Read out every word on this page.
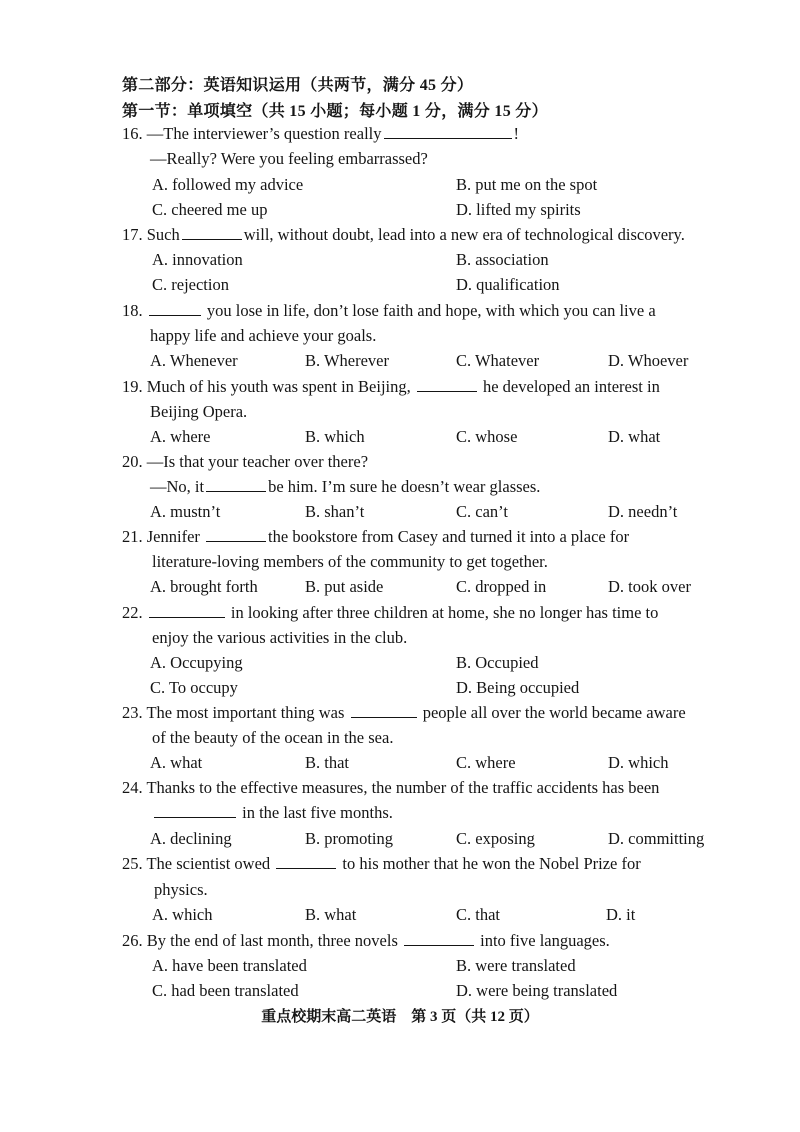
第二部分：英语知识运用（共两节，满分 45 分）
第一节：单项填空（共 15 小题；每小题 1 分，满分 15 分）
16. —The interviewer’s question really	!
—Really? Were you feeling embarrassed?
A. followed my advice	B. put me on the spot
C. cheered me up	D. lifted my spirits
17. Such	will, without doubt, lead into a new era of technological discovery.
A. innovation	B. association
C. rejection	D. qualification
18.	you lose in life, don’t lose faith and hope, with which you can live a
happy life and achieve your goals.
A. Whenever	B. Wherever	C. Whatever	D. Whoever
19. Much of his youth was spent in Beijing,	he developed an interest in
Beijing Opera.
A. where	B. which	C. whose	D. what
20. —Is that your teacher over there?
—No, it	be him. I’m sure he doesn’t wear glasses.
A. mustn’t	B. shan’t	C. can’t	D. needn’t
21. Jennifer	the bookstore from Casey and turned it into a place for
literature-loving members of the community to get together.
A. brought forth	B. put aside	C. dropped in	D. took over
22.	in looking after three children at home, she no longer has time to
enjoy the various activities in the club.
A. Occupying	B. Occupied
C. To occupy	D. Being occupied
23. The most important thing was	people all over the world became aware
of the beauty of the ocean in the sea.
A. what	B. that	C. where	D. which
24. Thanks to the effective measures, the number of the traffic accidents has been
in the last five months.
A. declining	B. promoting	C. exposing	D. committing
25. The scientist owed	to his mother that he won the Nobel Prize for
physics.
A. which	B. what	C. that	D. it
26. By the end of last month, three novels	into five languages.
A. have been translated	B. were translated
C. had been translated	D. were being translated
重点校期末高二英语　第 3 页（共 12 页）
